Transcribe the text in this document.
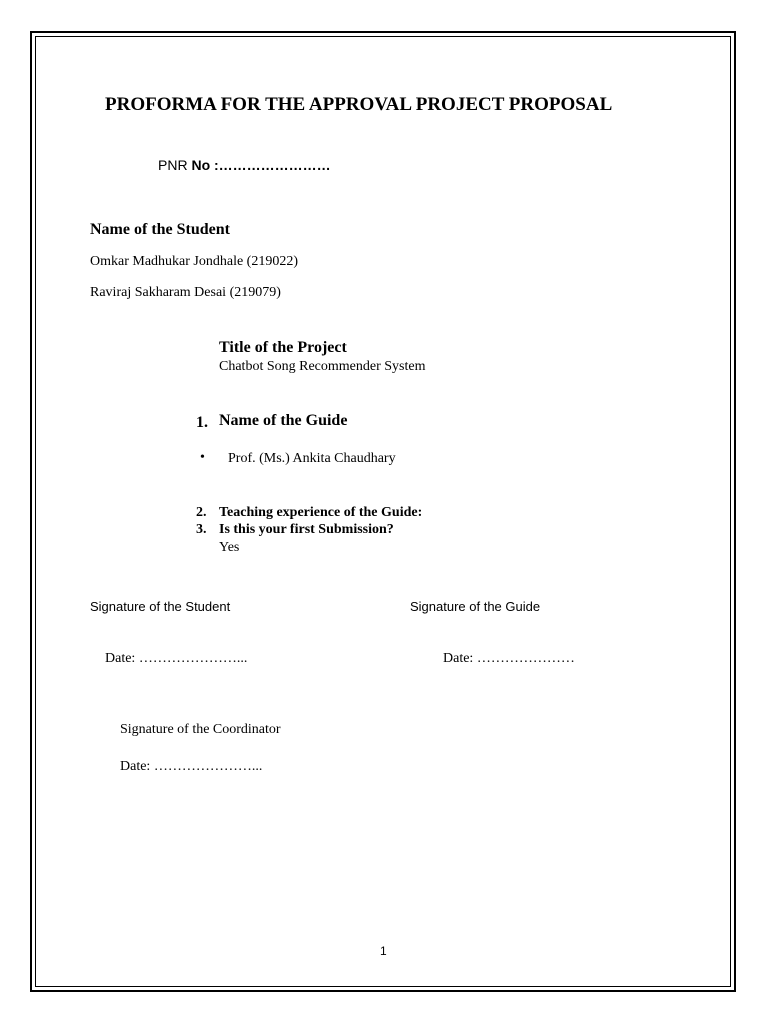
PROFORMA FOR THE APPROVAL PROJECT PROPOSAL
PNR No :……………………
Name of the Student
Omkar Madhukar Jondhale (219022)
Raviraj Sakharam Desai (219079)
Title of the Project
Chatbot Song Recommender System
1. Name of the Guide
• Prof. (Ms.) Ankita Chaudhary
2. Teaching experience of the Guide:
3. Is this your first Submission?
Yes
Signature of the Student	Signature of the Guide
Date: …………………...	Date: …………………
Signature of the Coordinator
Date: …………………...
1
